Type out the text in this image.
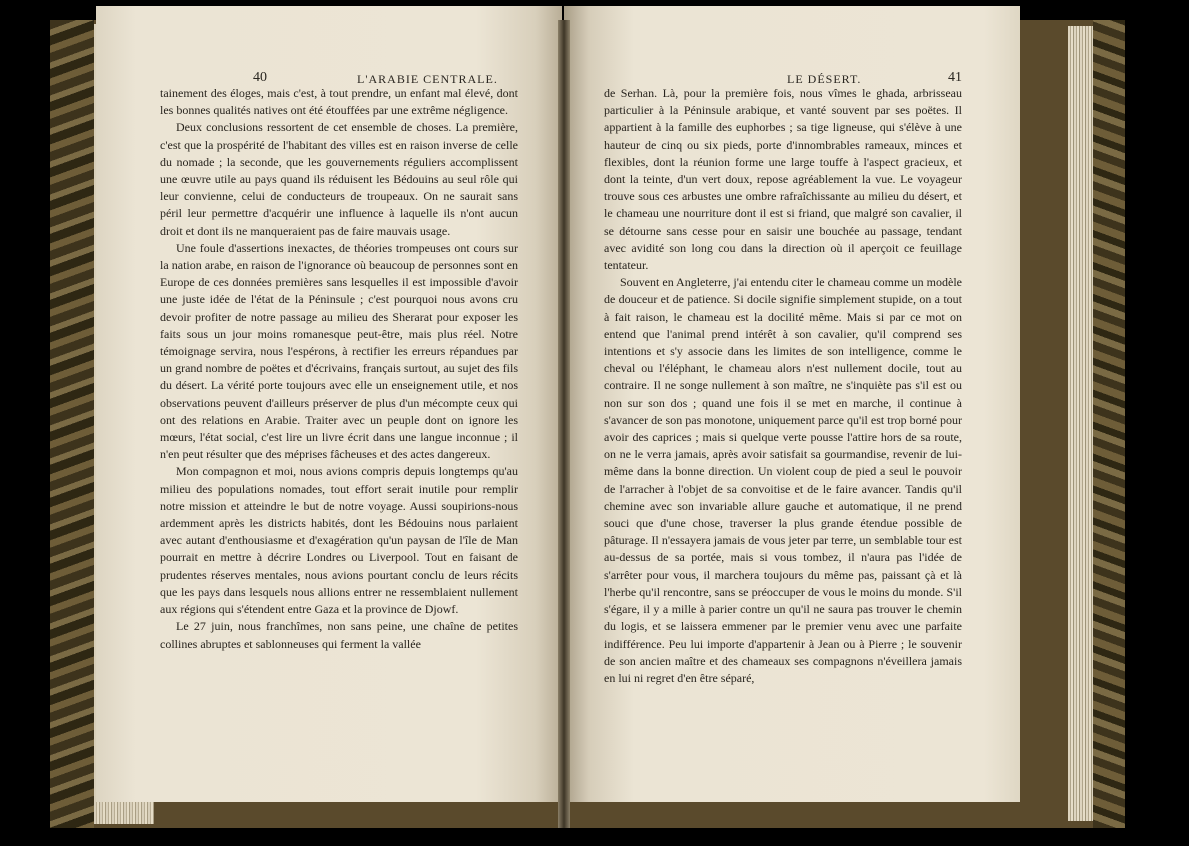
40	L'ARABIE CENTRALE.

tainement des éloges, mais c'est, à tout prendre, un enfant mal élevé, dont les bonnes qualités natives ont été étouffées par une extrême négligence.

Deux conclusions ressortent de cet ensemble de choses. La première, c'est que la prospérité de l'habitant des villes est en raison inverse de celle du nomade ; la seconde, que les gouvernements réguliers accomplissent une œuvre utile au pays quand ils réduisent les Bédouins au seul rôle qui leur convienne, celui de conducteurs de troupeaux. On ne saurait sans péril leur permettre d'acquérir une influence à laquelle ils n'ont aucun droit et dont ils ne manqueraient pas de faire mauvais usage.

Une foule d'assertions inexactes, de théories trompeuses ont cours sur la nation arabe, en raison de l'ignorance où beaucoup de personnes sont en Europe de ces données premières sans lesquelles il est impossible d'avoir une juste idée de l'état de la Péninsule ; c'est pourquoi nous avons cru devoir profiter de notre passage au milieu des Sherarat pour exposer les faits sous un jour moins romanesque peut-être, mais plus réel. Notre témoignage servira, nous l'espérons, à rectifier les erreurs répandues par un grand nombre de poëtes et d'écrivains, français surtout, au sujet des fils du désert. La vérité porte toujours avec elle un enseignement utile, et nos observations peuvent d'ailleurs préserver de plus d'un mécompte ceux qui ont des relations en Arabie. Traiter avec un peuple dont on ignore les mœurs, l'état social, c'est lire un livre écrit dans une langue inconnue ; il n'en peut résulter que des méprises fâcheuses et des actes dangereux.

Mon compagnon et moi, nous avions compris depuis longtemps qu'au milieu des populations nomades, tout effort serait inutile pour remplir notre mission et atteindre le but de notre voyage. Aussi soupirions-nous ardemment après les districts habités, dont les Bédouins nous parlaient avec autant d'enthousiasme et d'exagération qu'un paysan de l'île de Man pourrait en mettre à décrire Londres ou Liverpool. Tout en faisant de prudentes réserves mentales, nous avions pourtant conclu de leurs récits que les pays dans lesquels nous allions entrer ne ressemblaient nullement aux régions qui s'étendent entre Gaza et la province de Djowf.

Le 27 juin, nous franchîmes, non sans peine, une chaîne de petites collines abruptes et sablonneuses qui ferment la vallée

LE DÉSERT.	41

de Serhan. Là, pour la première fois, nous vîmes le ghada, arbrisseau particulier à la Péninsule arabique, et vanté souvent par ses poëtes. Il appartient à la famille des euphorbes ; sa tige ligneuse, qui s'élève à une hauteur de cinq ou six pieds, porte d'innombrables rameaux, minces et flexibles, dont la réunion forme une large touffe à l'aspect gracieux, et dont la teinte, d'un vert doux, repose agréablement la vue. Le voyageur trouve sous ces arbustes une ombre rafraîchissante au milieu du désert, et le chameau une nourriture dont il est si friand, que malgré son cavalier, il se détourne sans cesse pour en saisir une bouchée au passage, tendant avec avidité son long cou dans la direction où il aperçoit ce feuillage tentateur.

Souvent en Angleterre, j'ai entendu citer le chameau comme un modèle de douceur et de patience. Si docile signifie simplement stupide, on a tout à fait raison, le chameau est la docilité même. Mais si par ce mot on entend que l'animal prend intérêt à son cavalier, qu'il comprend ses intentions et s'y associe dans les limites de son intelligence, comme le cheval ou l'éléphant, le chameau alors n'est nullement docile, tout au contraire. Il ne songe nullement à son maître, ne s'inquiète pas s'il est ou non sur son dos ; quand une fois il se met en marche, il continue à s'avancer de son pas monotone, uniquement parce qu'il est trop borné pour avoir des caprices ; mais si quelque verte pousse l'attire hors de sa route, on ne le verra jamais, après avoir satisfait sa gourmandise, revenir de lui-même dans la bonne direction. Un violent coup de pied a seul le pouvoir de l'arracher à l'objet de sa convoitise et de le faire avancer. Tandis qu'il chemine avec son invariable allure gauche et automatique, il ne prend souci que d'une chose, traverser la plus grande étendue possible de pâturage. Il n'essayera jamais de vous jeter par terre, un semblable tour est au-dessus de sa portée, mais si vous tombez, il n'aura pas l'idée de s'arrêter pour vous, il marchera toujours du même pas, paissant çà et là l'herbe qu'il rencontre, sans se préoccuper de vous le moins du monde. S'il s'égare, il y a mille à parier contre un qu'il ne saura pas trouver le chemin du logis, et se laissera emmener par le premier venu avec une parfaite indifférence. Peu lui importe d'appartenir à Jean ou à Pierre ; le souvenir de son ancien maître et des chameaux ses compagnons n'éveillera jamais en lui ni regret d'en être séparé,
